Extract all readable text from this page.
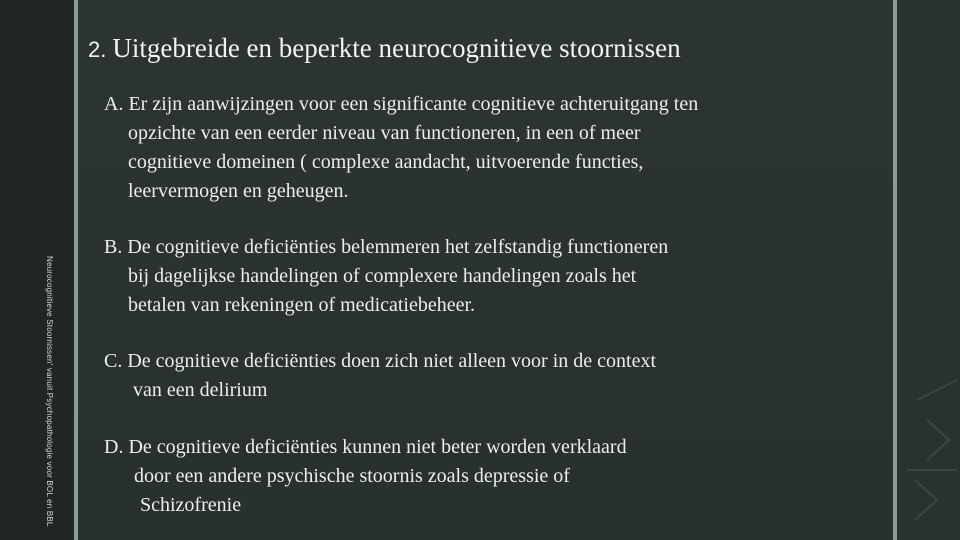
Neurocognitieve Stoornissen' vanuit Psychopathologie voor BOL en BBL
2. Uitgebreide en beperkte neurocognitieve stoornissen
A. Er zijn aanwijzingen voor een significante cognitieve achteruitgang ten
opzichte van een eerder niveau van functioneren, in een of meer
cognitieve domeinen ( complexe aandacht, uitvoerende functies,
leervermogen en geheugen.
B. De cognitieve deficiënties belemmeren het zelfstandig functioneren
bij dagelijkse handelingen of complexere handelingen zoals het
betalen van rekeningen of medicatiebeheer.
C. De cognitieve deficiënties doen zich niet alleen voor in de context
van een delirium
D. De cognitieve deficiënties kunnen niet beter worden verklaard
door een andere psychische stoornis zoals depressie of
Schizofrenie
